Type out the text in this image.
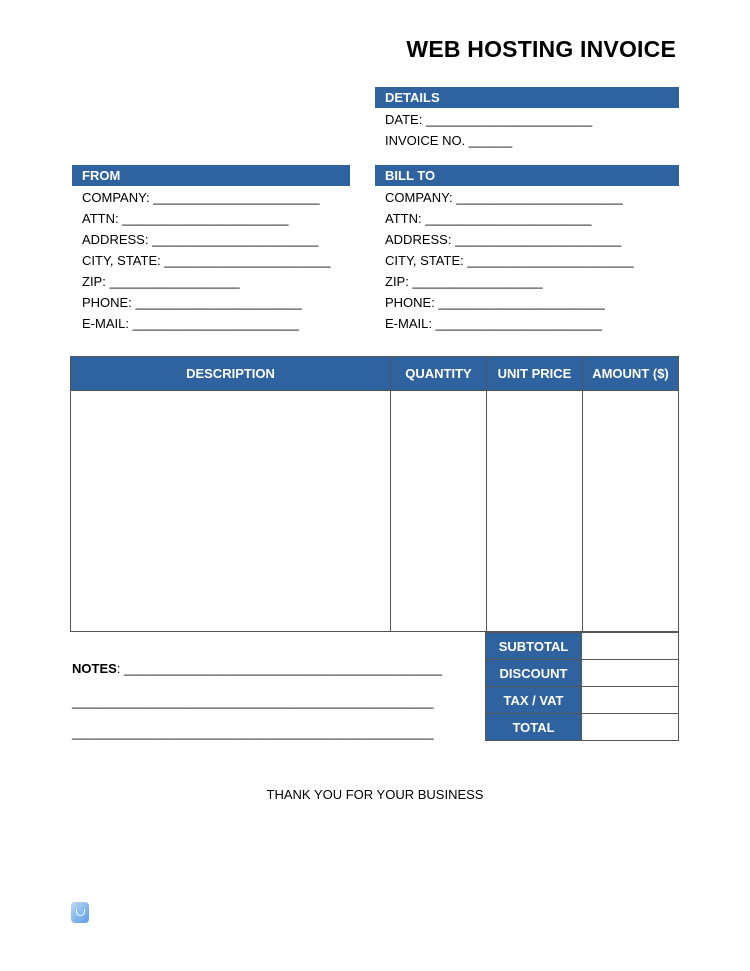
WEB HOSTING INVOICE
DETAILS
DATE: _______________________
INVOICE NO. ______
FROM
COMPANY: _______________________
ATTN: _______________________
ADDRESS: _______________________
CITY, STATE: _______________________
ZIP: __________________
PHONE: _______________________
E-MAIL: _______________________
BILL TO
COMPANY: _______________________
ATTN: _______________________
ADDRESS: _______________________
CITY, STATE: _______________________
ZIP: __________________
PHONE: _______________________
E-MAIL: _______________________
DESCRIPTION	QUANTITY	UNIT PRICE	AMOUNT ($)

SUBTOTAL	
DISCOUNT	
TAX / VAT	
TOTAL	
NOTES: ____________________________________________
__________________________________________________
__________________________________________________
THANK YOU FOR YOUR BUSINESS
